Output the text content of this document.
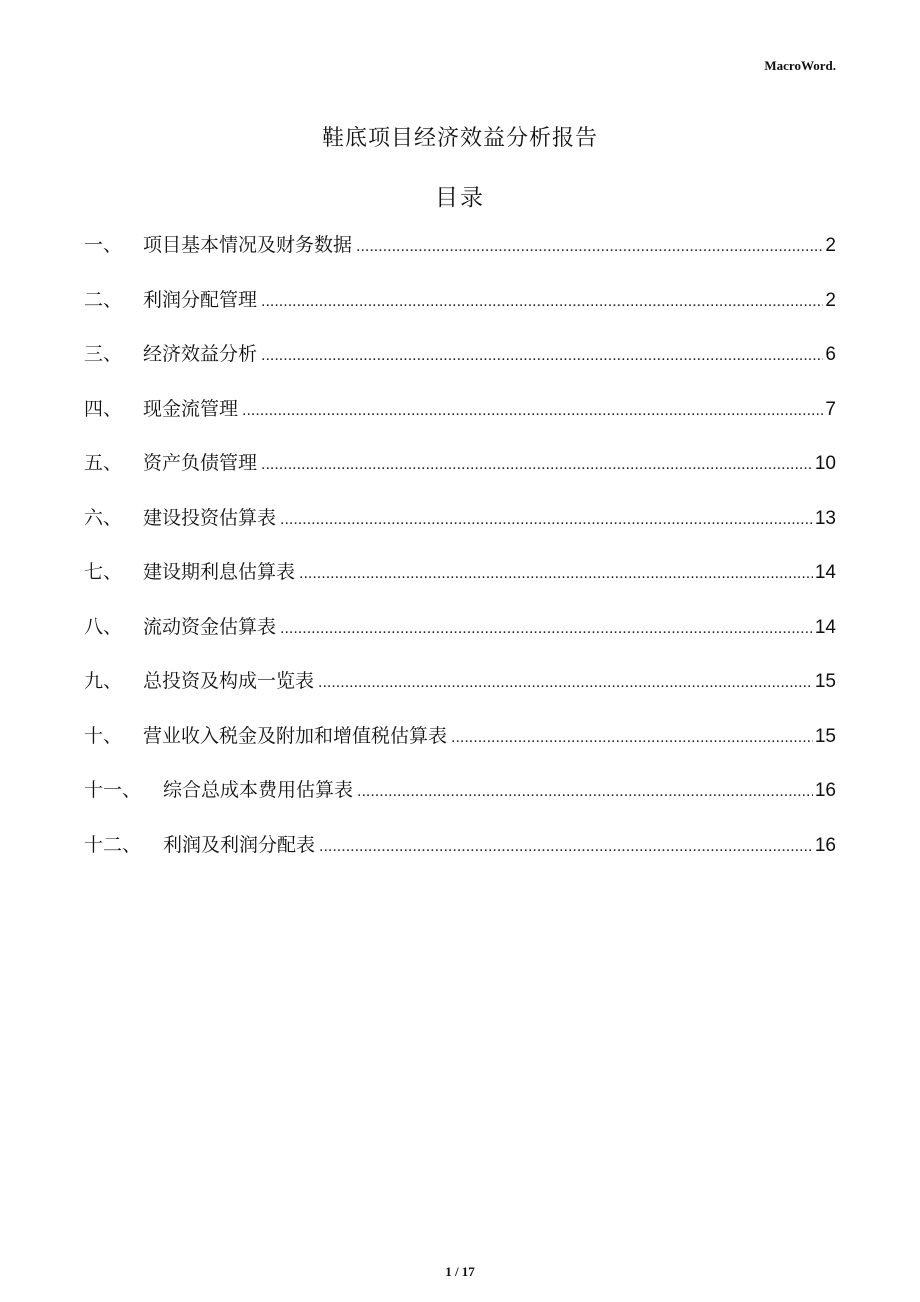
MacroWord.
鞋底项目经济效益分析报告
目录
一、	项目基本情况及财务数据 .....	2
二、	利润分配管理 .....	2
三、	经济效益分析 .....	6
四、	现金流管理 .....	7
五、	资产负债管理 .....	10
六、	建设投资估算表 .....	13
七、	建设期利息估算表 .....	14
八、	流动资金估算表 .....	14
九、	总投资及构成一览表 .....	15
十、	营业收入税金及附加和增值税估算表 .....	15
十一、	综合总成本费用估算表 .....	16
十二、	利润及利润分配表 .....	16
1 / 17
